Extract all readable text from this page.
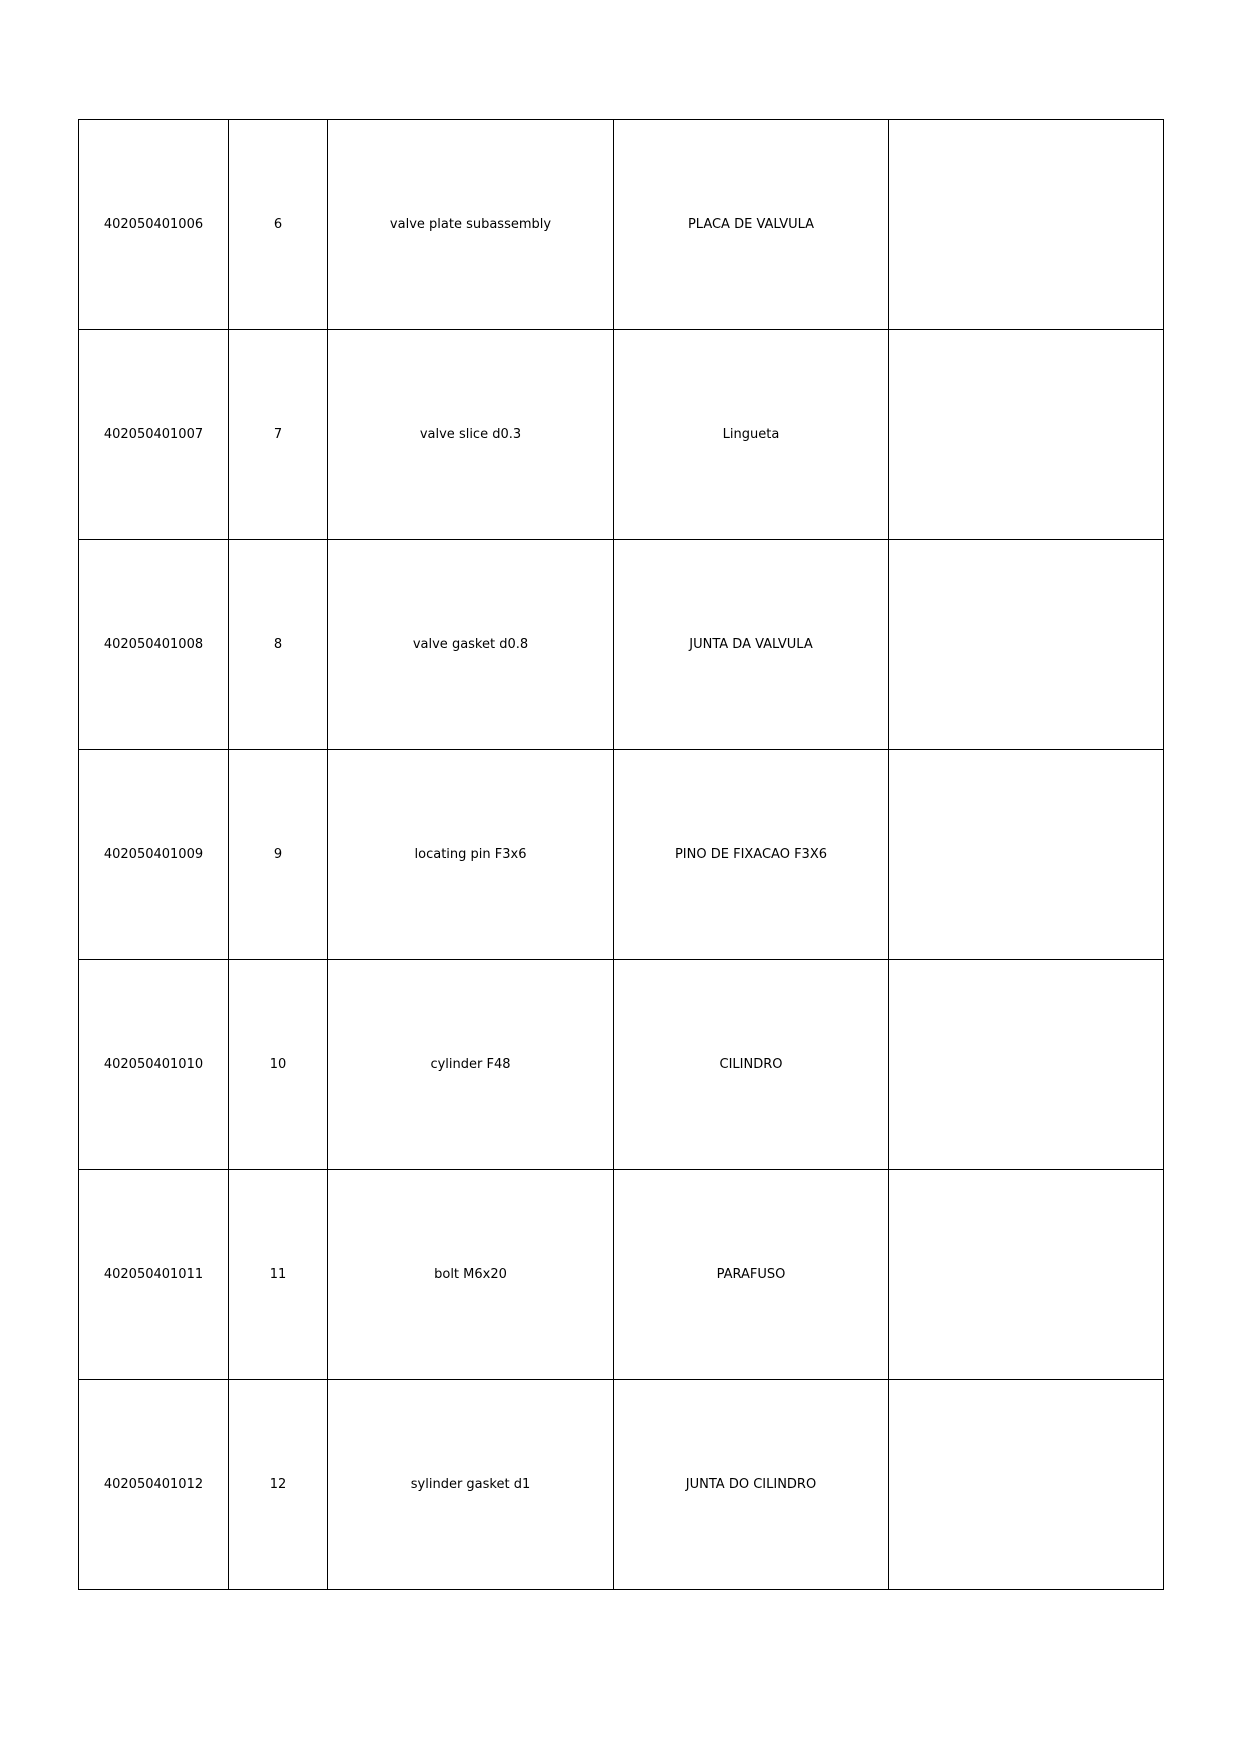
402050401006	6	valve plate subassembly	PLACA DE VALVULA	
402050401007	7	valve slice d0.3	Lingueta	
402050401008	8	valve gasket d0.8	JUNTA DA VALVULA	
402050401009	9	locating pin F3x6	PINO DE FIXACAO F3X6	
402050401010	10	cylinder F48	CILINDRO	
402050401011	11	bolt M6x20	PARAFUSO	
402050401012	12	sylinder gasket d1	JUNTA DO CILINDRO	
